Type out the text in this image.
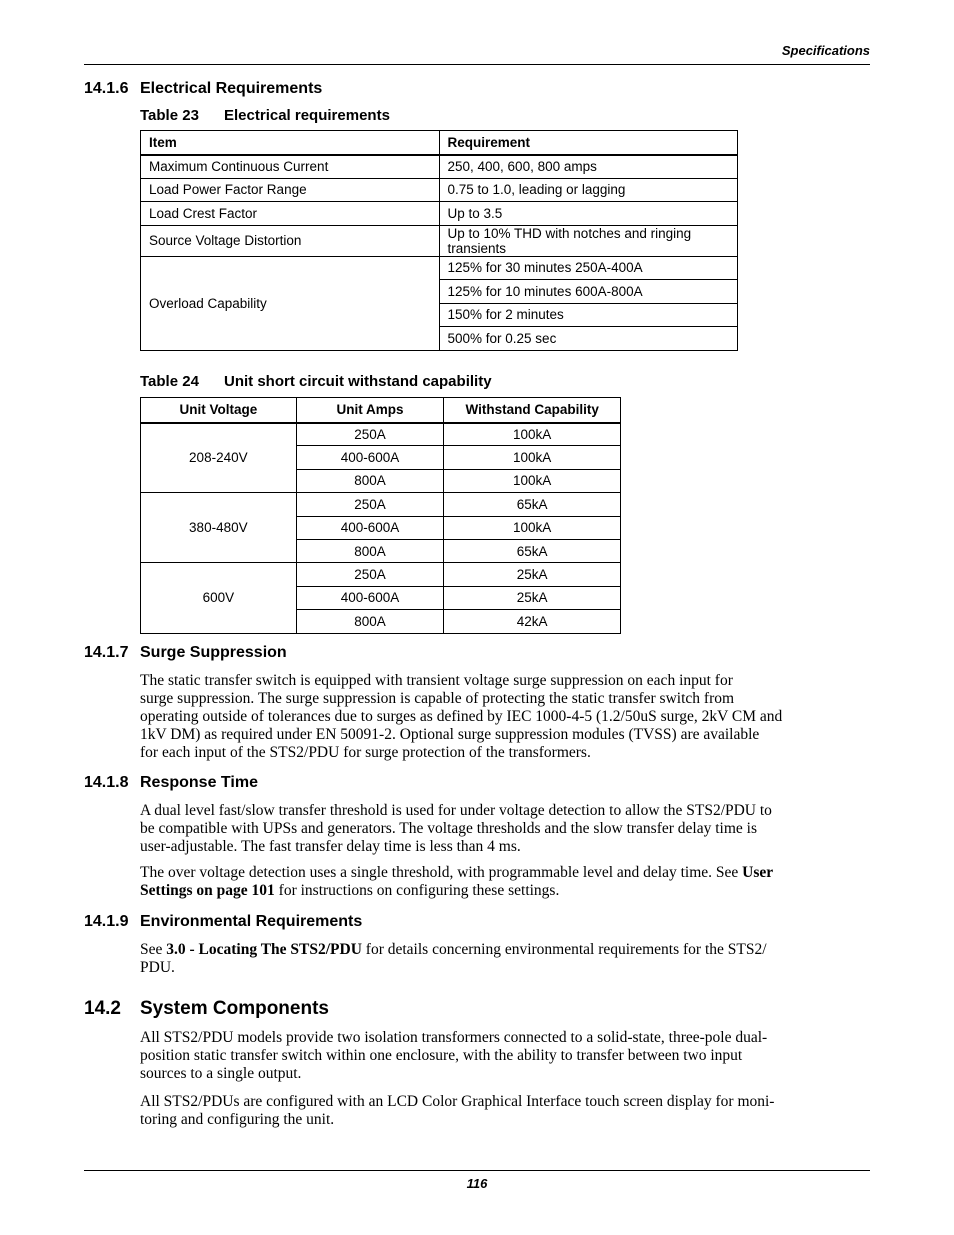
Specifications
14.1.6 Electrical Requirements
Table 23 Electrical requirements
Item	Requirement
Maximum Continuous Current	250, 400, 600, 800 amps
Load Power Factor Range	0.75 to 1.0, leading or lagging
Load Crest Factor	Up to 3.5
Source Voltage Distortion	Up to 10% THD with notches and ringing transients
Overload Capability	125% for 30 minutes 250A-400A
	125% for 10 minutes 600A-800A
	150% for 2 minutes
	500% for 0.25 sec
Table 24 Unit short circuit withstand capability
Unit Voltage	Unit Amps	Withstand Capability
208-240V	250A	100kA
	400-600A	100kA
	800A	100kA
380-480V	250A	65kA
	400-600A	100kA
	800A	65kA
600V	250A	25kA
	400-600A	25kA
	800A	42kA
14.1.7 Surge Suppression
The static transfer switch is equipped with transient voltage surge suppression on each input for
surge suppression. The surge suppression is capable of protecting the static transfer switch from
operating outside of tolerances due to surges as defined by IEC 1000-4-5 (1.2/50uS surge, 2kV CM and
1kV DM) as required under EN 50091-2. Optional surge suppression modules (TVSS) are available
for each input of the STS2/PDU for surge protection of the transformers.
14.1.8 Response Time
A dual level fast/slow transfer threshold is used for under voltage detection to allow the STS2/PDU to
be compatible with UPSs and generators. The voltage thresholds and the slow transfer delay time is
user-adjustable. The fast transfer delay time is less than 4 ms.
The over voltage detection uses a single threshold, with programmable level and delay time. See User
Settings on page 101 for instructions on configuring these settings.
14.1.9 Environmental Requirements
See 3.0 - Locating The STS2/PDU for details concerning environmental requirements for the STS2/
PDU.
14.2 System Components
All STS2/PDU models provide two isolation transformers connected to a solid-state, three-pole dual-
position static transfer switch within one enclosure, with the ability to transfer between two input
sources to a single output.
All STS2/PDUs are configured with an LCD Color Graphical Interface touch screen display for moni-
toring and configuring the unit.
116
